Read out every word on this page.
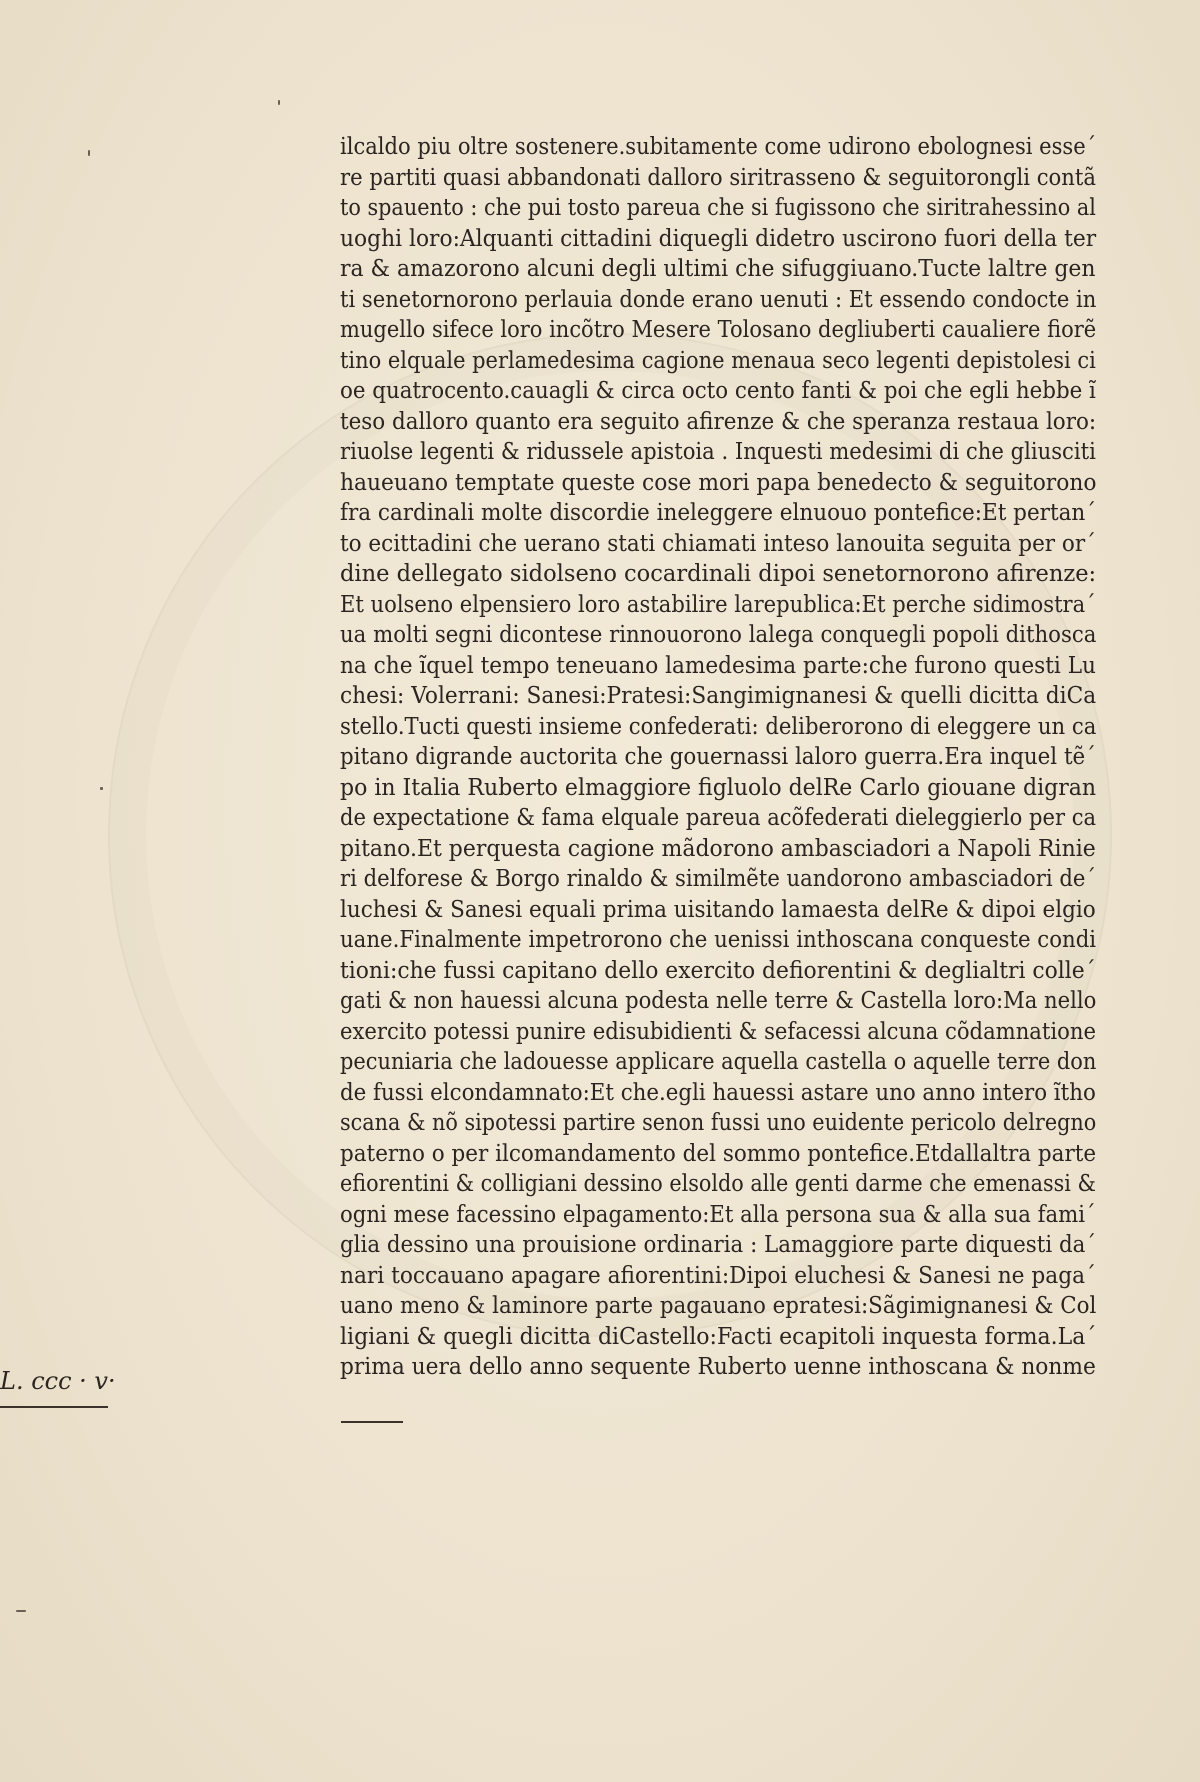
ilcaldo piu oltre sostenere.subitamente come udirono ebolognesi esse´
re partiti quasi abbandonati dalloro siritrassеno & seguitorongli contã
to spauento : che pui tosto pareua che si fugissono che siritrahessino al
uoghi loro:Alquanti cittadini diquegli didetro uscirono fuori della ter
ra & amazorono alcuni degli ultimi che sifuggiuano.Tucte laltre gen
ti senetornorono perlauia donde erano uenuti : Et essendo condocte in
mugello sifece loro incõtro Mesere Tolosano degliuberti caualiere fiorẽ
tino elquale perlamedesima cagione menaua seco legenti depistolesi ci
oe quatrocento.cauagli & circa octo cento fanti & poi che egli hebbe ĩ
teso dalloro quanto era seguito afirenze & che speranza restaua loro:
riuolse legenti & ridussele apistoia . Inquesti medesimi di che gliusciti
haueuano temptate queste cose mori papa benedecto & seguitorono
fra cardinali molte discordie ineleggere elnuouo pontefice:Et pertan´
to ecittadini che uerano stati chiamati inteso lanouita seguita per or´
dine dellegato sidolseno cocardinali dipoi senetornorono afirenze:
Et uolseno elpensiero loro astabilire larepublica:Et perche sidimostra´
ua molti segni dicontese rinnouorono lalega conquegli popoli dithosca
na che ĩquel tempo teneuano lamedesima parte:che furono questi Lu
chesi: Volerrani: Sanesi:Pratesi:Sangimignanesi & quelli dicitta diCa
stello.Tucti questi insieme confederati: deliberorono di eleggere un ca
pitano digrande auctorita che gouernassi laloro guerra.Era inquel tẽ´
po in Italia Ruberto elmaggiore figluolo delRe Carlo giouane digran
de expectatione & fama elquale pareua acõfederati dieleggierlo per ca
pitano.Et perquesta cagione mãdorono ambasciadori a Napoli Rinie
ri delforese & Borgo rinaldo & similmẽte uandorono ambasciadori de´
luchesi & Sanesi equali prima uisitando lamaesta delRe & dipoi elgio
uane.Finalmente impetrorono che uenissi inthoscana conqueste condi
tioni:che fussi capitano dello exercito defiorentini & deglialtri colle´
gati & non hauessi alcuna podesta nelle terre & Castella loro:Ma nello
exercito potessi punire edisubidienti & sefacessi alcuna cõdamnatione
pecuniaria che ladouesse applicare aquella castella o aquelle terre don
de fussi elcondamnato:Et che.egli hauessi astare uno anno intero ĩtho
scana & nõ sipotessi partire senon fussi uno euidente pericolo delregno
paterno o per ilcomandamento del sommo pontefice.Etdallaltra parte
efiorentini & colligiani dessino elsoldo alle genti darme che emenassi &
ogni mese facessino elpagamento:Et alla persona sua & alla sua fami´
glia dessino una prouisione ordinaria : Lamaggiore parte diquesti da´
nari toccauano apagare afiorentini:Dipoi eluchesi & Sanesi ne paga´
uano meno & laminore parte pagauano epratesi:Sãgimignanesi & Col
ligiani & quegli dicitta diCastello:Facti ecapitoli inquesta forma.La´
prima uera dello anno sequente Ruberto uenne inthoscana & nonme
L. ccc · v·
